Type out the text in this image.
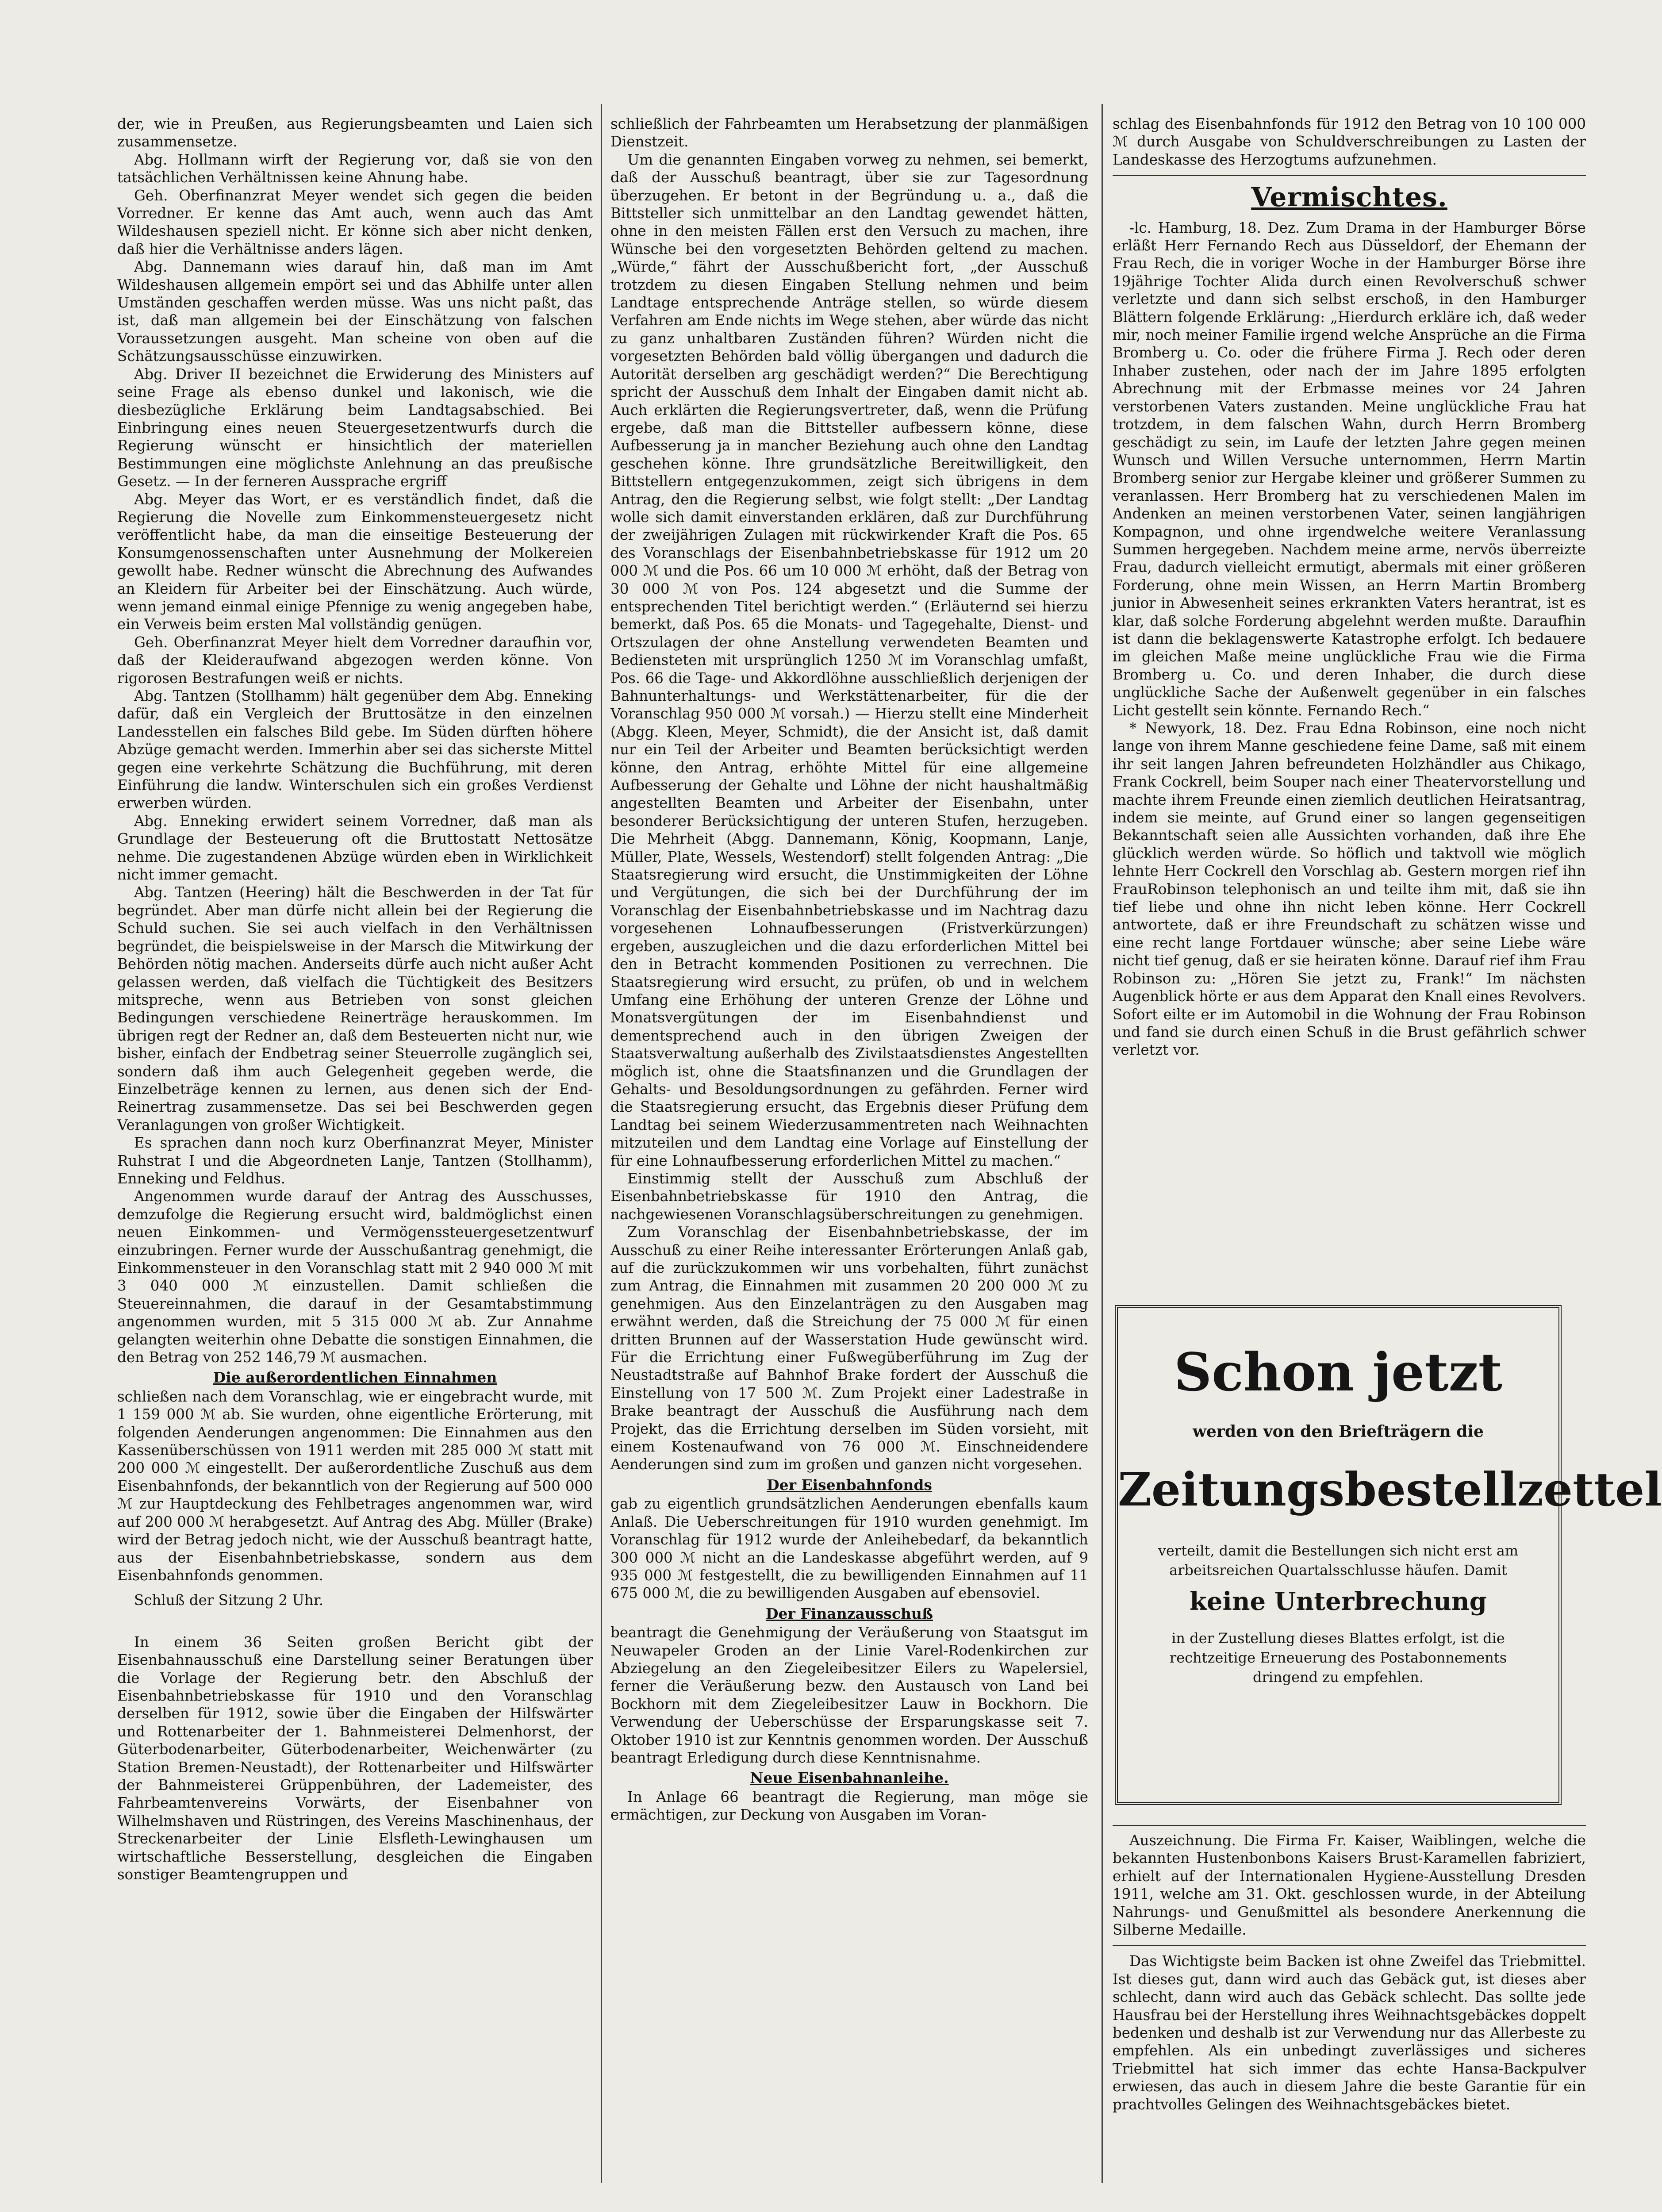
der, wie in Preußen, aus Regierungsbeamten und Laien sich zusammensetze.

Abg. Hollmann wirft der Regierung vor, daß sie von den tatsächlichen Verhältnissen keine Ahnung habe.

Geh. Oberfinanzrat Meyer wendet sich gegen die beiden Vorredner. Er kenne das Amt auch, wenn auch das Amt Wildeshausen speziell nicht. Er könne sich aber nicht denken, daß hier die Verhältnisse anders lägen.

Abg. Dannemann wies darauf hin, daß man im Amt Wildeshausen allgemein empört sei und das Abhilfe unter allen Umständen geschaffen werden müsse. Was uns nicht paßt, das ist, daß man allgemein bei der Einschätzung von falschen Voraussetzungen ausgeht. Man scheine von oben auf die Schätzungsausschüsse einzuwirken.

Abg. Driver II bezeichnet die Erwiderung des Ministers auf seine Frage als ebenso dunkel und lakonisch, wie die diesbezügliche Erklärung beim Landtagsabschied. Bei Einbringung eines neuen Steuergesetzentwurfs durch die Regierung wünscht er hinsichtlich der materiellen Bestimmungen eine möglichste Anlehnung an das preußische Gesetz. — In der ferneren Aussprache ergriff

Abg. Meyer das Wort, er es verständlich findet, daß die Regierung die Novelle zum Einkommensteuergesetz nicht veröffentlicht habe, da man die einseitige Besteuerung der Konsumgenossenschaften unter Ausnehmung der Molkereien gewollt habe. Redner wünscht die Abrechnung des Aufwandes an Kleidern für Arbeiter bei der Einschätzung. Auch würde, wenn jemand einmal einige Pfennige zu wenig angegeben habe, ein Verweis beim ersten Mal vollständig genügen.

Geh. Oberfinanzrat Meyer hielt dem Vorredner daraufhin vor, daß der Kleideraufwand abgezogen werden könne. Von rigorosen Bestrafungen weiß er nichts.

Abg. Tantzen (Stollhamm) hält gegenüber dem Abg. Enneking dafür, daß ein Vergleich der Bruttosätze in den einzelnen Landesstellen ein falsches Bild gebe. Im Süden dürften höhere Abzüge gemacht werden. Immerhin aber sei das sicherste Mittel gegen eine verkehrte Schätzung die Buchführung, mit deren Einführung die landw. Winterschulen sich ein großes Verdienst erwerben würden.

Abg. Enneking erwidert seinem Vorredner, daß man als Grundlage der Besteuerung oft die Bruttostatt Nettosätze nehme. Die zugestandenen Abzüge würden eben in Wirklichkeit nicht immer gemacht.

Abg. Tantzen (Heering) hält die Beschwerden in der Tat für begründet. Aber man dürfe nicht allein bei der Regierung die Schuld suchen. Sie sei auch vielfach in den Verhältnissen begründet, die beispielsweise in der Marsch die Mitwirkung der Behörden nötig machen. Anderseits dürfe auch nicht außer Acht gelassen werden, daß vielfach die Tüchtigkeit des Besitzers mitspreche, wenn aus Betrieben von sonst gleichen Bedingungen verschiedene Reinerträge herauskommen. Im übrigen regt der Redner an, daß dem Besteuerten nicht nur, wie bisher, einfach der Endbetrag seiner Steuerrolle zugänglich sei, sondern daß ihm auch Gelegenheit gegeben werde, die Einzelbeträge kennen zu lernen, aus denen sich der End-Reinertrag zusammensetze. Das sei bei Beschwerden gegen Veranlagungen von großer Wichtigkeit.

Es sprachen dann noch kurz Oberfinanzrat Meyer, Minister Ruhstrat I und die Abgeordneten Lanje, Tantzen (Stollhamm), Enneking und Feldhus.

Angenommen wurde darauf der Antrag des Ausschusses, demzufolge die Regierung ersucht wird, baldmöglichst einen neuen Einkommen- und Vermögenssteuergesetzentwurf einzubringen. Ferner wurde der Ausschußantrag genehmigt, die Einkommensteuer in den Voranschlag statt mit 2 940 000 ℳ mit 3 040 000 ℳ einzustellen. Damit schließen die Steuereinnahmen, die darauf in der Gesamtabstimmung angenommen wurden, mit 5 315 000 ℳ ab. Zur Annahme gelangten weiterhin ohne Debatte die sonstigen Einnahmen, die den Betrag von 252 146,79 ℳ ausmachen.

Die außerordentlichen Einnahmen

schließen nach dem Voranschlag, wie er eingebracht wurde, mit 1 159 000 ℳ ab. Sie wurden, ohne eigentliche Erörterung, mit folgenden Aenderungen angenommen: Die Einnahmen aus den Kassenüberschüssen von 1911 werden mit 285 000 ℳ statt mit 200 000 ℳ eingestellt. Der außerordentliche Zuschuß aus dem Eisenbahnfonds, der bekanntlich von der Regierung auf 500 000 ℳ zur Hauptdeckung des Fehlbetrages angenommen war, wird auf 200 000 ℳ herabgesetzt. Auf Antrag des Abg. Müller (Brake) wird der Betrag jedoch nicht, wie der Ausschuß beantragt hatte, aus der Eisenbahnbetriebskasse, sondern aus dem Eisenbahnfonds genommen.

Schluß der Sitzung 2 Uhr.

In einem 36 Seiten großen Bericht gibt der Eisenbahnausschuß eine Darstellung seiner Beratungen über die Vorlage der Regierung betr. den Abschluß der Eisenbahnbetriebskasse für 1910 und den Voranschlag derselben für 1912, sowie über die Eingaben der Hilfswärter und Rottenarbeiter der 1. Bahnmeisterei Delmenhorst, der Güterbodenarbeiter, Güterbodenarbeiter, Weichenwärter (zu Station Bremen-Neustadt), der Rottenarbeiter und Hilfswärter der Bahnmeisterei Grüppenbühren, der Lademeister, des Fahrbeamtenvereins Vorwärts, der Eisenbahner von Wilhelmshaven und Rüstringen, des Vereins Maschinenhaus, der Streckenarbeiter der Linie Elsfleth-Lewinghausen um wirtschaftliche Besserstellung, desgleichen die Eingaben sonstiger Beamtengruppen und

schließlich der Fahrbeamten um Herabsetzung der planmäßigen Dienstzeit.

Um die genannten Eingaben vorweg zu nehmen, sei bemerkt, daß der Ausschuß beantragt, über sie zur Tagesordnung überzugehen. Er betont in der Begründung u. a., daß die Bittsteller sich unmittelbar an den Landtag gewendet hätten, ohne in den meisten Fällen erst den Versuch zu machen, ihre Wünsche bei den vorgesetzten Behörden geltend zu machen. „Würde,“ fährt der Ausschußbericht fort, „der Ausschuß trotzdem zu diesen Eingaben Stellung nehmen und beim Landtage entsprechende Anträge stellen, so würde diesem Verfahren am Ende nichts im Wege stehen, aber würde das nicht zu ganz unhaltbaren Zuständen führen? Würden nicht die vorgesetzten Behörden bald völlig übergangen und dadurch die Autorität derselben arg geschädigt werden?“ Die Berechtigung spricht der Ausschuß dem Inhalt der Eingaben damit nicht ab. Auch erklärten die Regierungsvertreter, daß, wenn die Prüfung ergebe, daß man die Bittsteller aufbessern könne, diese Aufbesserung ja in mancher Beziehung auch ohne den Landtag geschehen könne. Ihre grundsätzliche Bereitwilligkeit, den Bittstellern entgegenzukommen, zeigt sich übrigens in dem Antrag, den die Regierung selbst, wie folgt stellt: „Der Landtag wolle sich damit einverstanden erklären, daß zur Durchführung der zweijährigen Zulagen mit rückwirkender Kraft die Pos. 65 des Voranschlags der Eisenbahnbetriebskasse für 1912 um 20 000 ℳ und die Pos. 66 um 10 000 ℳ erhöht, daß der Betrag von 30 000 ℳ von Pos. 124 abgesetzt und die Summe der entsprechenden Titel berichtigt werden.“ (Erläuternd sei hierzu bemerkt, daß Pos. 65 die Monats- und Tagegehalte, Dienst- und Ortszulagen der ohne Anstellung verwendeten Beamten und Bediensteten mit ursprünglich 1250 ℳ im Voranschlag umfaßt, Pos. 66 die Tage- und Akkordlöhne ausschließlich derjenigen der Bahnunterhaltungs- und Werkstättenarbeiter, für die der Voranschlag 950 000 ℳ vorsah.) — Hierzu stellt eine Minderheit (Abgg. Kleen, Meyer, Schmidt), die der Ansicht ist, daß damit nur ein Teil der Arbeiter und Beamten berücksichtigt werden könne, den Antrag, erhöhte Mittel für eine allgemeine Aufbesserung der Gehalte und Löhne der nicht haushaltmäßig angestellten Beamten und Arbeiter der Eisenbahn, unter besonderer Berücksichtigung der unteren Stufen, herzugeben. Die Mehrheit (Abgg. Dannemann, König, Koopmann, Lanje, Müller, Plate, Wessels, Westendorf) stellt folgenden Antrag: „Die Staatsregierung wird ersucht, die Unstimmigkeiten der Löhne und Vergütungen, die sich bei der Durchführung der im Voranschlag der Eisenbahnbetriebskasse und im Nachtrag dazu vorgesehenen Lohnaufbesserungen (Fristverkürzungen) ergeben, auszugleichen und die dazu erforderlichen Mittel bei den in Betracht kommenden Positionen zu verrechnen. Die Staatsregierung wird ersucht, zu prüfen, ob und in welchem Umfang eine Erhöhung der unteren Grenze der Löhne und Monatsvergütungen der im Eisenbahndienst und dementsprechend auch in den übrigen Zweigen der Staatsverwaltung außerhalb des Zivilstaatsdienstes Angestellten möglich ist, ohne die Staatsfinanzen und die Grundlagen der Gehalts- und Besoldungsordnungen zu gefährden. Ferner wird die Staatsregierung ersucht, das Ergebnis dieser Prüfung dem Landtag bei seinem Wiederzusammentreten nach Weihnachten mitzuteilen und dem Landtag eine Vorlage auf Einstellung der für eine Lohnaufbesserung erforderlichen Mittel zu machen.“

Einstimmig stellt der Ausschuß zum Abschluß der Eisenbahnbetriebskasse für 1910 den Antrag, die nachgewiesenen Voranschlagsüberschreitungen zu genehmigen.

Zum Voranschlag der Eisenbahnbetriebskasse, der im Ausschuß zu einer Reihe interessanter Erörterungen Anlaß gab, auf die zurückzukommen wir uns vorbehalten, führt zunächst zum Antrag, die Einnahmen mit zusammen 20 200 000 ℳ zu genehmigen. Aus den Einzelanträgen zu den Ausgaben mag erwähnt werden, daß die Streichung der 75 000 ℳ für einen dritten Brunnen auf der Wasserstation Hude gewünscht wird. Für die Errichtung einer Fußwegüberführung im Zug der Neustadtstraße auf Bahnhof Brake fordert der Ausschuß die Einstellung von 17 500 ℳ. Zum Projekt einer Ladestraße in Brake beantragt der Ausschuß die Ausführung nach dem Projekt, das die Errichtung derselben im Süden vorsieht, mit einem Kostenaufwand von 76 000 ℳ. Einschneidendere Aenderungen sind zum im großen und ganzen nicht vorgesehen.

Der Eisenbahnfonds

gab zu eigentlich grundsätzlichen Aenderungen ebenfalls kaum Anlaß. Die Ueberschreitungen für 1910 wurden genehmigt. Im Voranschlag für 1912 wurde der Anleihebedarf, da bekanntlich 300 000 ℳ nicht an die Landeskasse abgeführt werden, auf 9 935 000 ℳ festgestellt, die zu bewilligenden Einnahmen auf 11 675 000 ℳ, die zu bewilligenden Ausgaben auf ebensoviel.

Der Finanzausschuß

beantragt die Genehmigung der Veräußerung von Staatsgut im Neuwapeler Groden an der Linie Varel-Rodenkirchen zur Abziegelung an den Ziegeleibesitzer Eilers zu Wapelersiel, ferner die Veräußerung bezw. den Austausch von Land bei Bockhorn mit dem Ziegeleibesitzer Lauw in Bockhorn. Die Verwendung der Ueberschüsse der Ersparungskasse seit 7. Oktober 1910 ist zur Kenntnis genommen worden. Der Ausschuß beantragt Erledigung durch diese Kenntnisnahme.

Neue Eisenbahnanleihe.

In Anlage 66 beantragt die Regierung, man möge sie ermächtigen, zur Deckung von Ausgaben im Voran-

schlag des Eisenbahnfonds für 1912 den Betrag von 10 100 000 ℳ durch Ausgabe von Schuldverschreibungen zu Lasten der Landeskasse des Herzogtums aufzunehmen.

Vermischtes.

-lc. Hamburg, 18. Dez. Zum Drama in der Hamburger Börse erläßt Herr Fernando Rech aus Düsseldorf, der Ehemann der Frau Rech, die in voriger Woche in der Hamburger Börse ihre 19jährige Tochter Alida durch einen Revolverschuß schwer verletzte und dann sich selbst erschoß, in den Hamburger Blättern folgende Erklärung: „Hierdurch erkläre ich, daß weder mir, noch meiner Familie irgend welche Ansprüche an die Firma Bromberg u. Co. oder die frühere Firma J. Rech oder deren Inhaber zustehen, oder nach der im Jahre 1895 erfolgten Abrechnung mit der Erbmasse meines vor 24 Jahren verstorbenen Vaters zustanden. Meine unglückliche Frau hat trotzdem, in dem falschen Wahn, durch Herrn Bromberg geschädigt zu sein, im Laufe der letzten Jahre gegen meinen Wunsch und Willen Versuche unternommen, Herrn Martin Bromberg senior zur Hergabe kleiner und größerer Summen zu veranlassen. Herr Bromberg hat zu verschiedenen Malen im Andenken an meinen verstorbenen Vater, seinen langjährigen Kompagnon, und ohne irgendwelche weitere Veranlassung Summen hergegeben. Nachdem meine arme, nervös überreizte Frau, dadurch vielleicht ermutigt, abermals mit einer größeren Forderung, ohne mein Wissen, an Herrn Martin Bromberg junior in Abwesenheit seines erkrankten Vaters herantrat, ist es klar, daß solche Forderung abgelehnt werden mußte. Daraufhin ist dann die beklagenswerte Katastrophe erfolgt. Ich bedauere im gleichen Maße meine unglückliche Frau wie die Firma Bromberg u. Co. und deren Inhaber, die durch diese unglückliche Sache der Außenwelt gegenüber in ein falsches Licht gestellt sein könnte. Fernando Rech.“

* Newyork, 18. Dez. Frau Edna Robinson, eine noch nicht lange von ihrem Manne geschiedene feine Dame, saß mit einem ihr seit langen Jahren befreundeten Holzhändler aus Chikago, Frank Cockrell, beim Souper nach einer Theatervorstellung und machte ihrem Freunde einen ziemlich deutlichen Heiratsantrag, indem sie meinte, auf Grund einer so langen gegenseitigen Bekanntschaft seien alle Aussichten vorhanden, daß ihre Ehe glücklich werden würde. So höflich und taktvoll wie möglich lehnte Herr Cockrell den Vorschlag ab. Gestern morgen rief ihn FrauRobinson telephonisch an und teilte ihm mit, daß sie ihn tief liebe und ohne ihn nicht leben könne. Herr Cockrell antwortete, daß er ihre Freundschaft zu schätzen wisse und eine recht lange Fortdauer wünsche; aber seine Liebe wäre nicht tief genug, daß er sie heiraten könne. Darauf rief ihm Frau Robinson zu: „Hören Sie jetzt zu, Frank!“ Im nächsten Augenblick hörte er aus dem Apparat den Knall eines Revolvers. Sofort eilte er im Automobil in die Wohnung der Frau Robinson und fand sie durch einen Schuß in die Brust gefährlich schwer verletzt vor.

Schon jetzt
werden von den Briefträgern die
Zeitungsbestellzettel
verteilt, damit die Bestellungen sich nicht erst am arbeitsreichen Quartalsschlusse häufen. Damit
keine Unterbrechung
in der Zustellung dieses Blattes erfolgt, ist die rechtzeitige Erneuerung des Postabonnements dringend zu empfehlen.

Auszeichnung. Die Firma Fr. Kaiser, Waiblingen, welche die bekannten Hustenbonbons Kaisers Brust-Karamellen fabriziert, erhielt auf der Internationalen Hygiene-Ausstellung Dresden 1911, welche am 31. Okt. geschlossen wurde, in der Abteilung Nahrungs- und Genußmittel als besondere Anerkennung die Silberne Medaille.

Das Wichtigste beim Backen ist ohne Zweifel das Triebmittel. Ist dieses gut, dann wird auch das Gebäck gut, ist dieses aber schlecht, dann wird auch das Gebäck schlecht. Das sollte jede Hausfrau bei der Herstellung ihres Weihnachtsgebäckes doppelt bedenken und deshalb ist zur Verwendung nur das Allerbeste zu empfehlen. Als ein unbedingt zuverlässiges und sicheres Triebmittel hat sich immer das echte Hansa-Backpulver erwiesen, das auch in diesem Jahre die beste Garantie für ein prachtvolles Gelingen des Weihnachtsgebäckes bietet.
